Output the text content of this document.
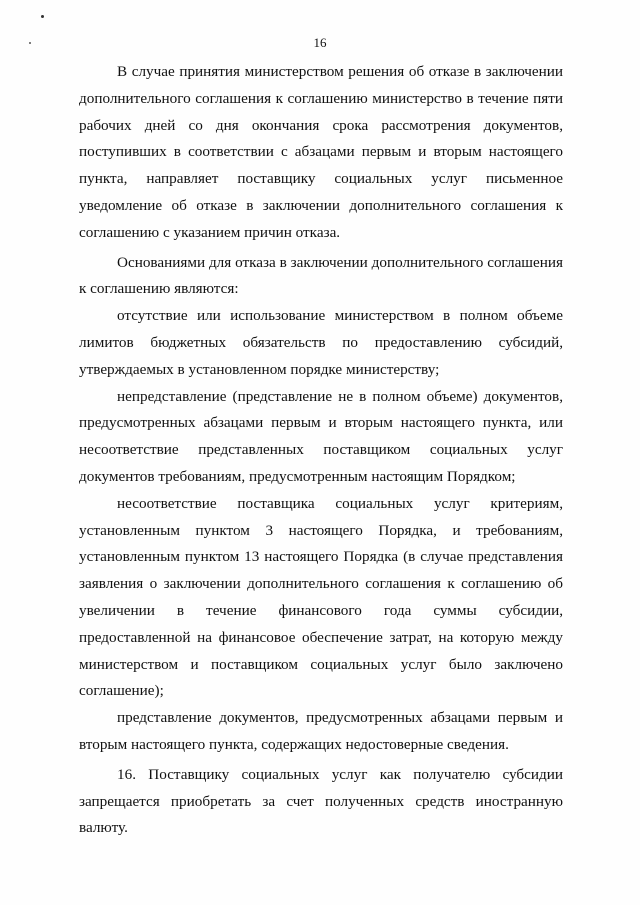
16

В случае принятия министерством решения об отказе в заключении дополнительного соглашения к соглашению министерство в течение пяти рабочих дней со дня окончания срока рассмотрения документов, поступивших в соответствии с абзацами первым и вторым настоящего пункта, направляет поставщику социальных услуг письменное уведомление об отказе в заключении дополнительного соглашения к соглашению с указанием причин отказа.

Основаниями для отказа в заключении дополнительного соглашения к соглашению являются:

отсутствие или использование министерством в полном объеме лимитов бюджетных обязательств по предоставлению субсидий, утверждаемых в установленном порядке министерству;

непредставление (представление не в полном объеме) документов, предусмотренных абзацами первым и вторым настоящего пункта, или несоответствие представленных поставщиком социальных услуг документов требованиям, предусмотренным настоящим Порядком;

несоответствие поставщика социальных услуг критериям, установленным пунктом 3 настоящего Порядка, и требованиям, установленным пунктом 13 настоящего Порядка (в случае представления заявления о заключении дополнительного соглашения к соглашению об увеличении в течение финансового года суммы субсидии, предоставленной на финансовое обеспечение затрат, на которую между министерством и поставщиком социальных услуг было заключено соглашение);

представление документов, предусмотренных абзацами первым и вторым настоящего пункта, содержащих недостоверные сведения.

16. Поставщику социальных услуг как получателю субсидии запрещается приобретать за счет полученных средств иностранную валюту.
